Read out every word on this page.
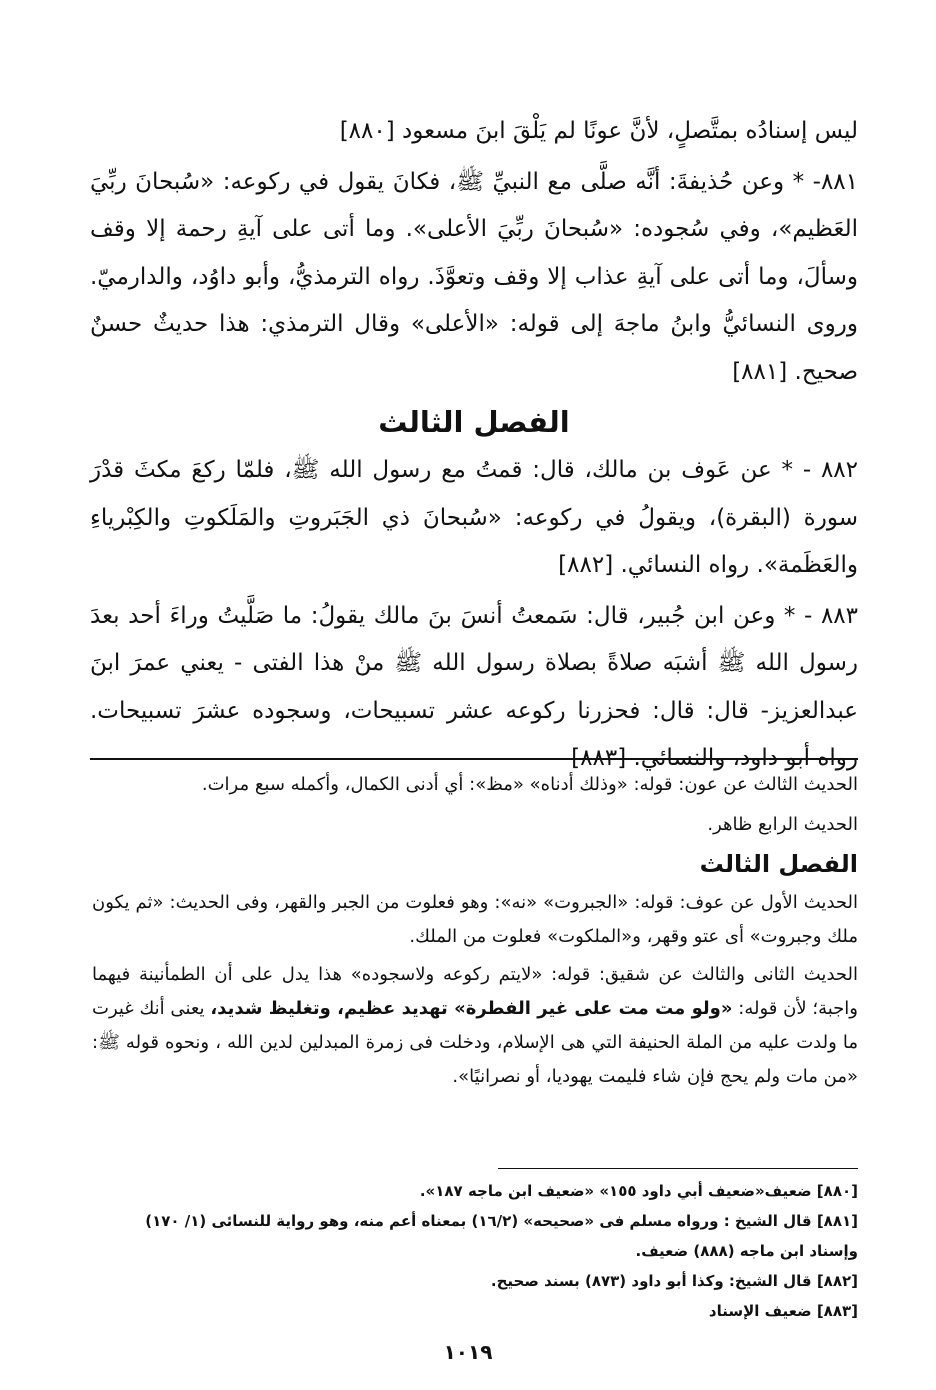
ليس إسنادُه بمتَّصلٍ، لأنَّ عونًا لم يَلْقَ ابنَ مسعود [٨٨٠]

٨٨١- * وعن حُذيفةَ: أنَّه صلَّى مع النبيِّ ﷺ، فكانَ يقول في ركوعه: «سُبحانَ ربِّيَ العَظيم»، وفي سُجوده: «سُبحانَ ربِّيَ الأعلى». وما أتى على آيةِ رحمة إلا وقف وسألَ، وما أتى على آيةِ عذاب إلا وقف وتعوَّذَ. رواه الترمذيُّ، وأبو داوُد، والدارميّ. وروى النسائيُّ وابنُ ماجهَ إلى قوله: «الأعلى» وقال الترمذي: هذا حديثٌ حسنٌ صحيح. [٨٨١]

الفصل الثالث

٨٨٢ - * عن عَوف بن مالك، قال: قمتُ مع رسول الله ﷺ، فلمّا ركعَ مكثَ قدْرَ سورة (البقرة)، ويقولُ في ركوعه: «سُبحانَ ذي الجَبَروتِ والمَلَكوتِ والكِبْرياءِ والعَظَمة». رواه النسائي. [٨٨٢]

٨٨٣ - * وعن ابن جُبير، قال: سَمعتُ أنسَ بنَ مالك يقولُ: ما صَلَّيتُ وراءَ أحد بعدَ رسول الله ﷺ أشبَه صلاةً بصلاة رسول الله ﷺ منْ هذا الفتى - يعني عمرَ ابنَ عبدالعزيز- قال: قال: فحزرنا ركوعه عشر تسبيحات، وسجوده عشرَ تسبيحات. رواه أبو داود، والنسائي. [٨٨٣]

الحديث الثالث عن عون: قوله: «وذلك أدناه» «مظ»: أي أدنى الكمال، وأكمله سبع مرات.

الحديث الرابع ظاهر.

الفصل الثالث

الحديث الأول عن عوف: قوله: «الجبروت» «نه»: وهو فعلوت من الجبر والقهر، وفى الحديث: «ثم يكون ملك وجبروت» أى عتو وقهر، و«الملكوت» فعلوت من الملك.

الحديث الثانى والثالث عن شقيق: قوله: «لايتم ركوعه ولاسجوده» هذا يدل على أن الطمأنينة فيهما واجبة؛ لأن قوله: «ولو مت مت على غير الفطرة» تهديد عظيم، وتغليظ شديد، يعنى أنك غيرت ما ولدت عليه من الملة الحنيفة التي هى الإسلام، ودخلت فى زمرة المبدلين لدين الله ، ونحوه قوله ﷺ: «من مات ولم يحج فإن شاء فليمت يهوديا، أو نصرانيًا».

[٨٨٠] ضعيف«ضعيف أبي داود ١٥٥» «ضعيف ابن ماجه ١٨٧».

[٨٨١] قال الشيخ : ورواه مسلم فى «صحيحه» (١٦/٢) بمعناه أعم منه، وهو رواية للنسائى (١/ ١٧٠) وإسناد ابن ماجه (٨٨٨) ضعيف.

[٨٨٢] قال الشيخ: وكذا أبو داود (٨٧٣) بسند صحيح.

[٨٨٣] ضعيف الإسناد

١٠١٩
